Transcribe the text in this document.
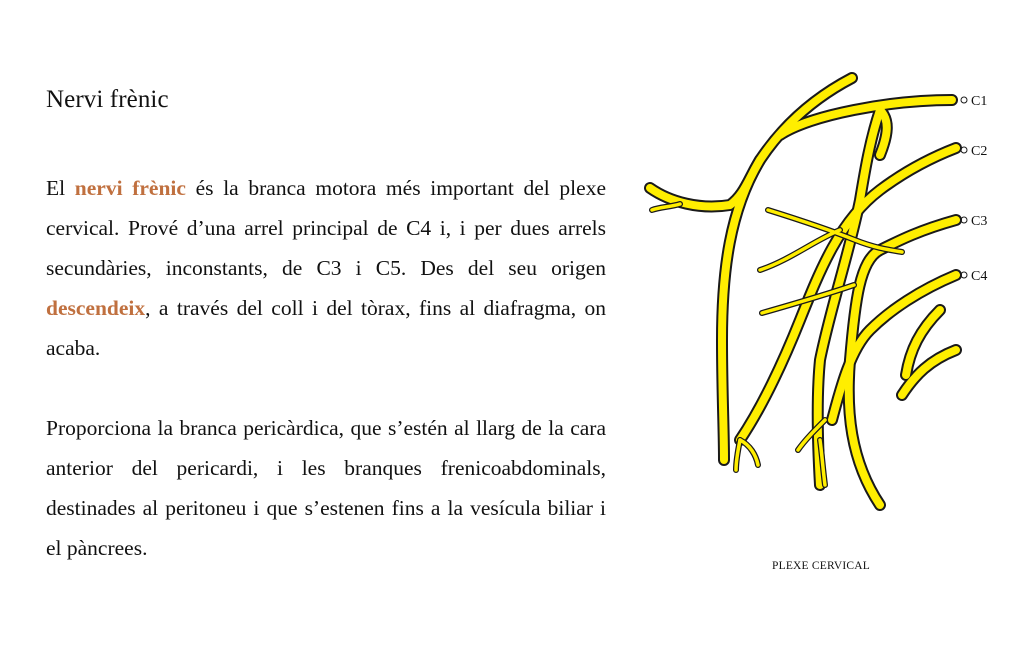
Nervi frènic

El nervi frènic és la branca motora més important del plexe cervical. Prové d’una arrel principal de C4 i, i per dues arrels secundàries, inconstants, de C3 i C5. Des del seu origen descendeix, a través del coll i del tòrax, fins al diafragma, on acaba.

Proporciona la branca pericàrdica, que s’estén al llarg de la cara anterior del pericardi, i les branques frenicoabdominals, destinades al peritoneu i que s’estenen fins a la vesícula biliar i el pàncrees.

C1
C2
C3
C4
PLEXE CERVICAL
